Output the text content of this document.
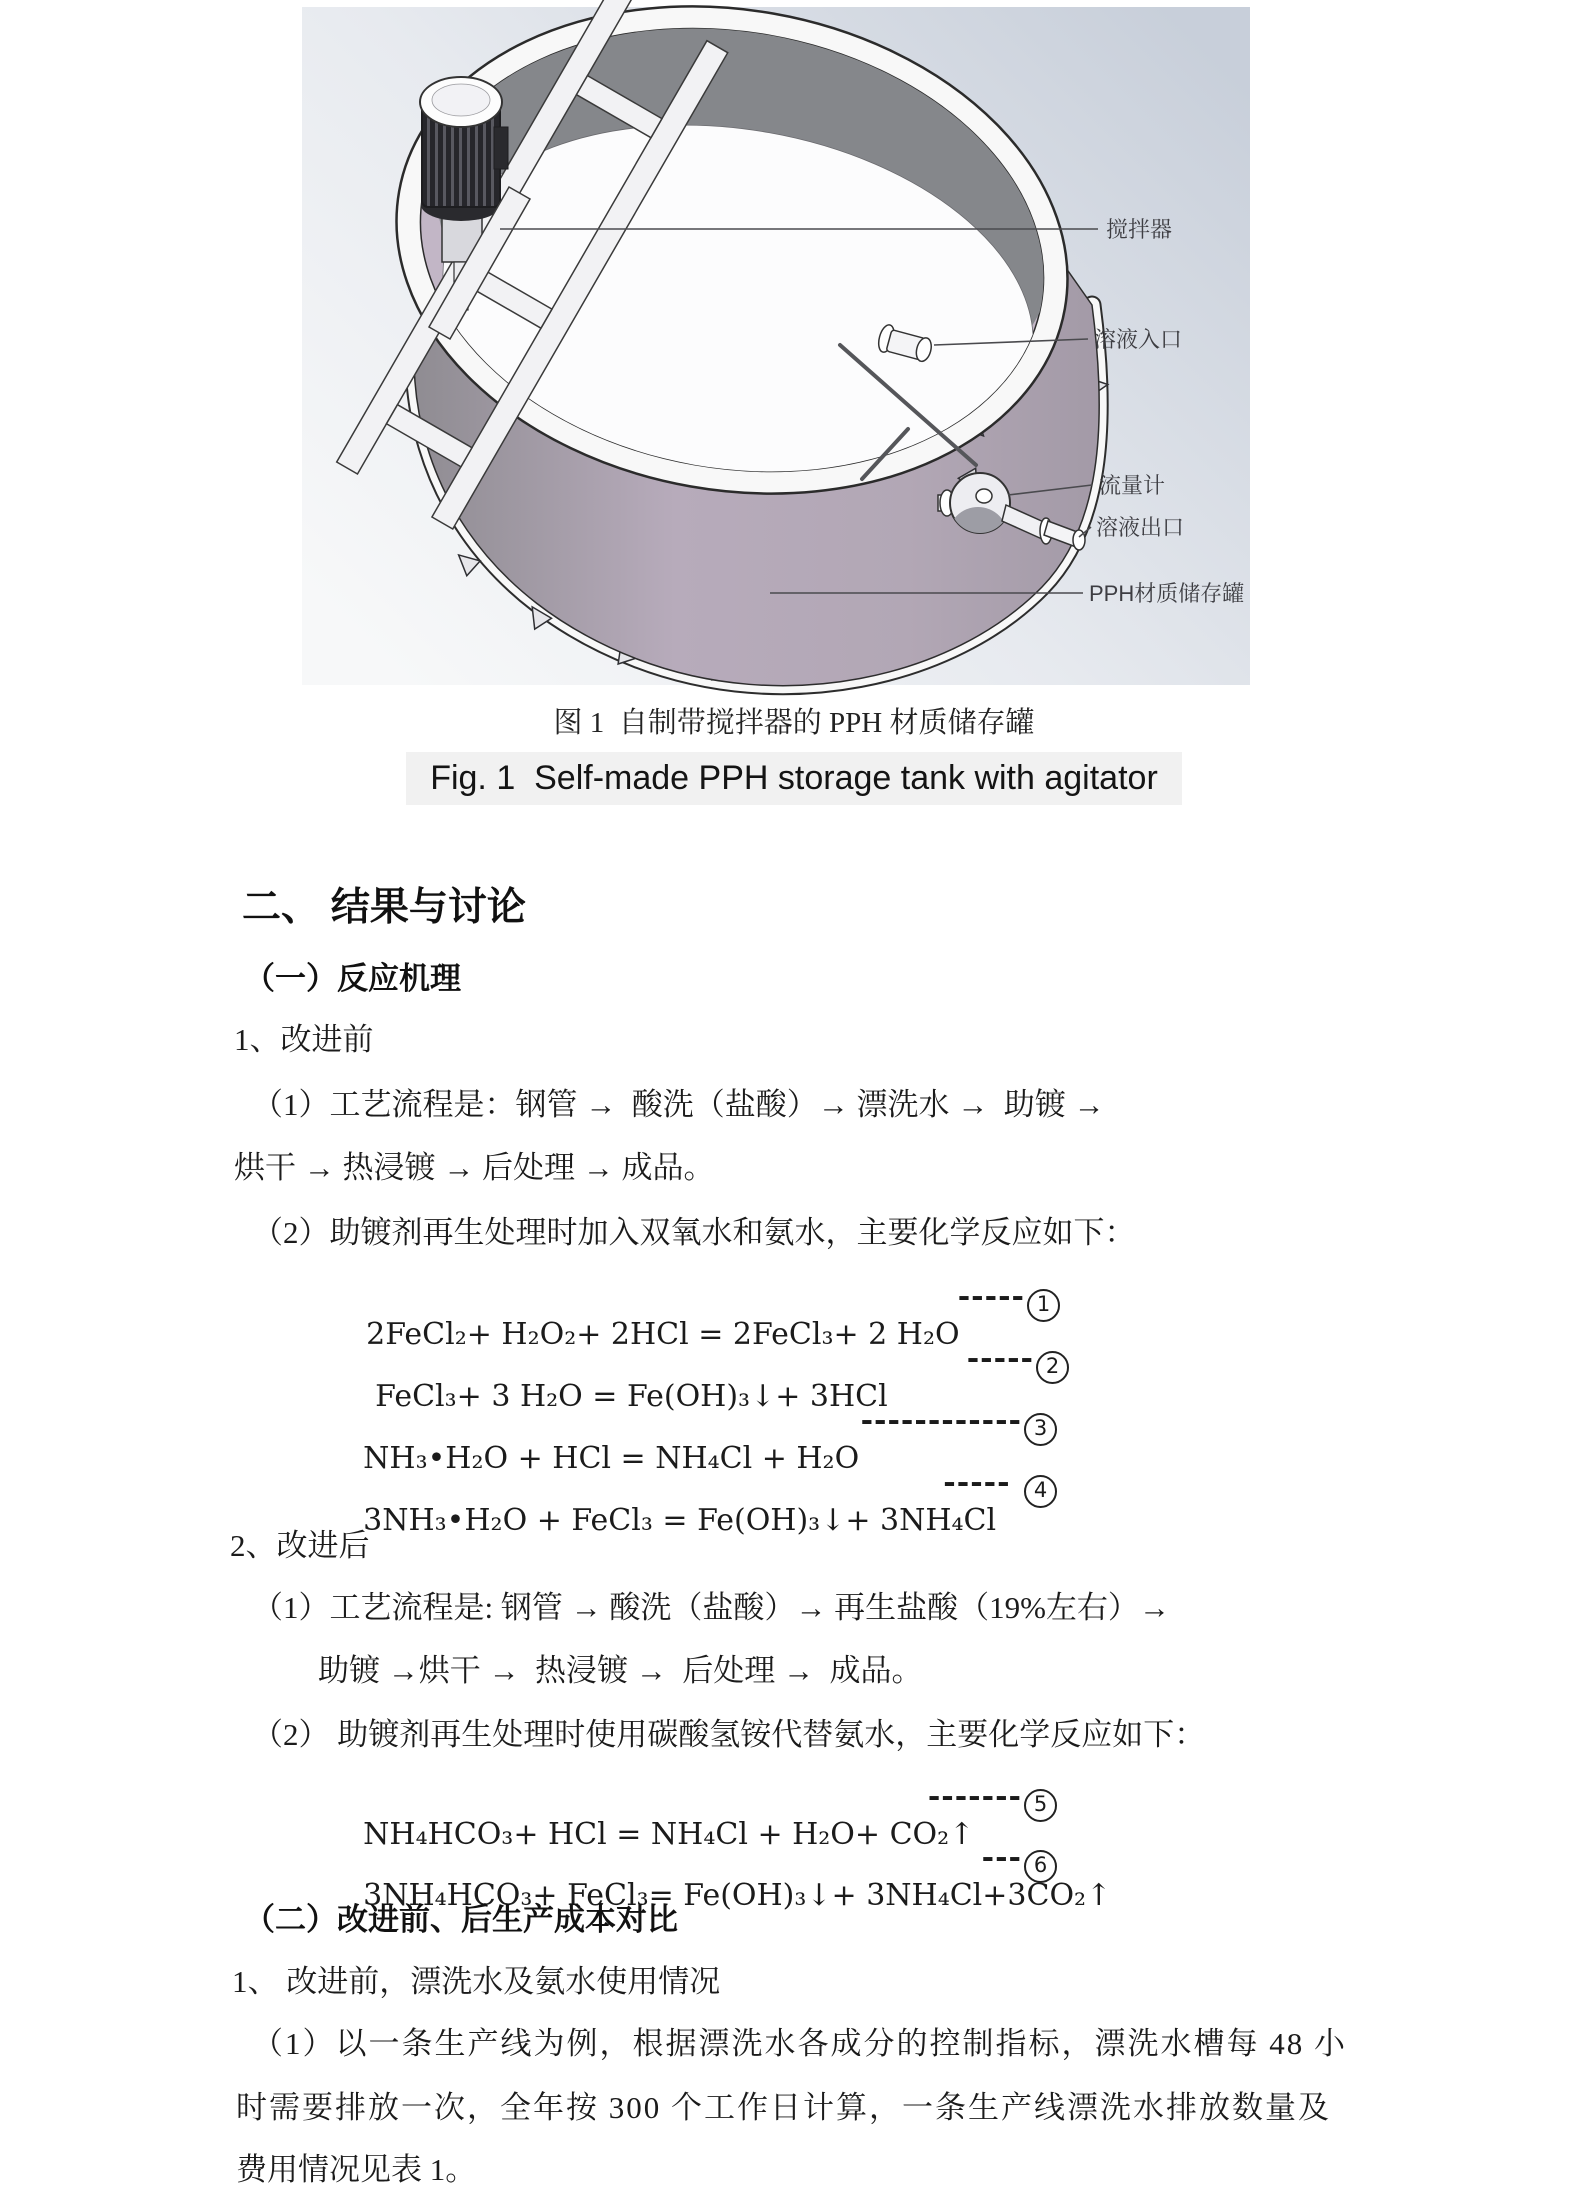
搅拌器
溶液入口
流量计
溶液出口
PPH材质储存罐
图 1  自制带搅拌器的 PPH 材质储存罐
Fig. 1  Self-made PPH storage tank with agitator
二、 结果与讨论
（一）反应机理
1、改进前
（1）工艺流程是：钢管 →  酸洗（盐酸）→ 漂洗水 →  助镀 →
烘干 → 热浸镀 → 后处理 → 成品。
（2）助镀剂再生处理时加入双氧水和氨水，主要化学反应如下：

2FeCl₂+ H₂O₂+ 2HCl = 2FeCl₃+ 2 H₂O

----- 1

FeCl₃+ 3 H₂O = Fe(OH)₃↓+ 3HCl

----- 2

NH₃•H₂O + HCl = NH₄Cl + H₂O

------------ 3

3NH₃•H₂O + FeCl₃ = Fe(OH)₃↓+ 3NH₄Cl

----- 4

2、改进后
（1）工艺流程是: 钢管 → 酸洗（盐酸）→ 再生盐酸（19%左右）→
助镀 →烘干 →  热浸镀 →  后处理 →  成品。
（2） 助镀剂再生处理时使用碳酸氢铵代替氨水，主要化学反应如下：

NH₄HCO₃+ HCl = NH₄Cl + H₂O+ CO₂↑

------- 5

3NH₄HCO₃+ FeCl₃= Fe(OH)₃↓+ 3NH₄Cl+3CO₂↑

--- 6

（二）改进前、后生产成本对比
1、 改进前，漂洗水及氨水使用情况
（1）以一条生产线为例，根据漂洗水各成分的控制指标，漂洗水槽每 48 小
时需要排放一次，全年按 300 个工作日计算，一条生产线漂洗水排放数量及
费用情况见表 1。
